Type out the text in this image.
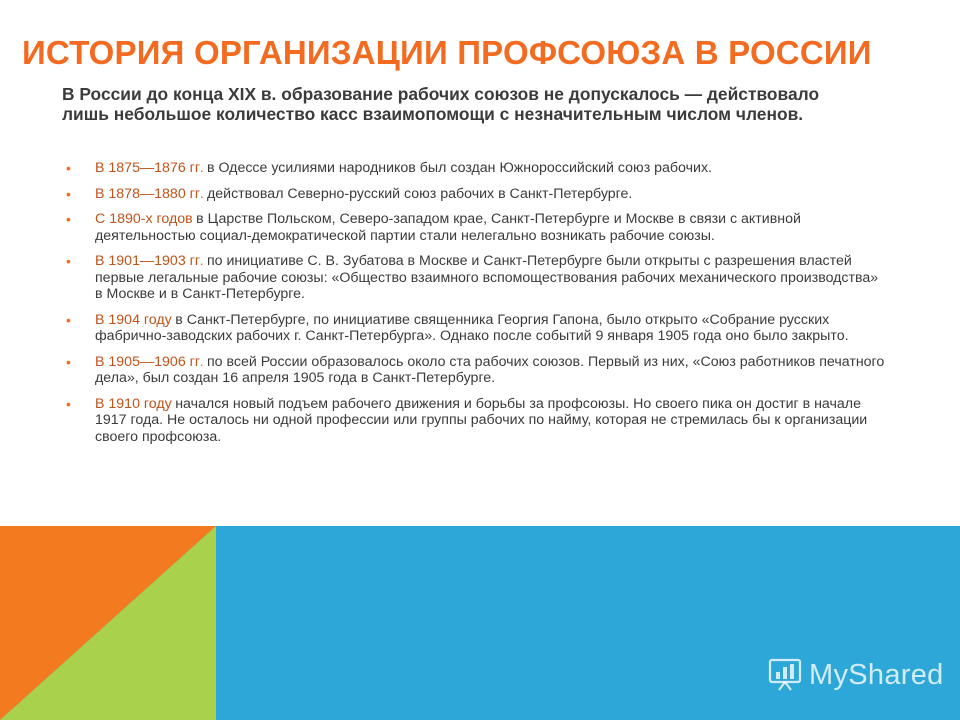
ИСТОРИЯ ОРГАНИЗАЦИИ ПРОФСОЮЗА В РОССИИ

В России до конца XIX в. образование рабочих союзов не допускалось — действовало лишь небольшое количество касс взаимопомощи с незначительным числом членов.

• В 1875—1876 гг. в Одессе усилиями народников был создан Южнороссийский союз рабочих.
• В 1878—1880 гг. действовал Северно-русский союз рабочих в Санкт-Петербурге.
• С 1890-х годов в Царстве Польском, Северо-западом крае, Санкт-Петербурге и Москве в связи с активной деятельностью социал-демократической партии стали нелегально возникать рабочие союзы.
• В 1901—1903 гг. по инициативе С. В. Зубатова в Москве и Санкт-Петербурге были открыты с разрешения властей первые легальные рабочие союзы: «Общество взаимного вспомоществования рабочих механического производства» в Москве и в Санкт-Петербурге.
• В 1904 году в Санкт-Петербурге, по инициативе священника Георгия Гапона, было открыто «Собрание русских фабрично-заводских рабочих г. Санкт-Петербурга». Однако после событий 9 января 1905 года оно было закрыто.
• В 1905—1906 гг. по всей России образовалось около ста рабочих союзов. Первый из них, «Союз работников печатного дела», был создан 16 апреля 1905 года в Санкт-Петербурге.
• В 1910 году начался новый подъем рабочего движения и борьбы за профсоюзы. Но своего пика он достиг в начале 1917 года. Не осталось ни одной профессии или группы рабочих по найму, которая не стремилась бы к организации своего профсоюза.
MyShared
